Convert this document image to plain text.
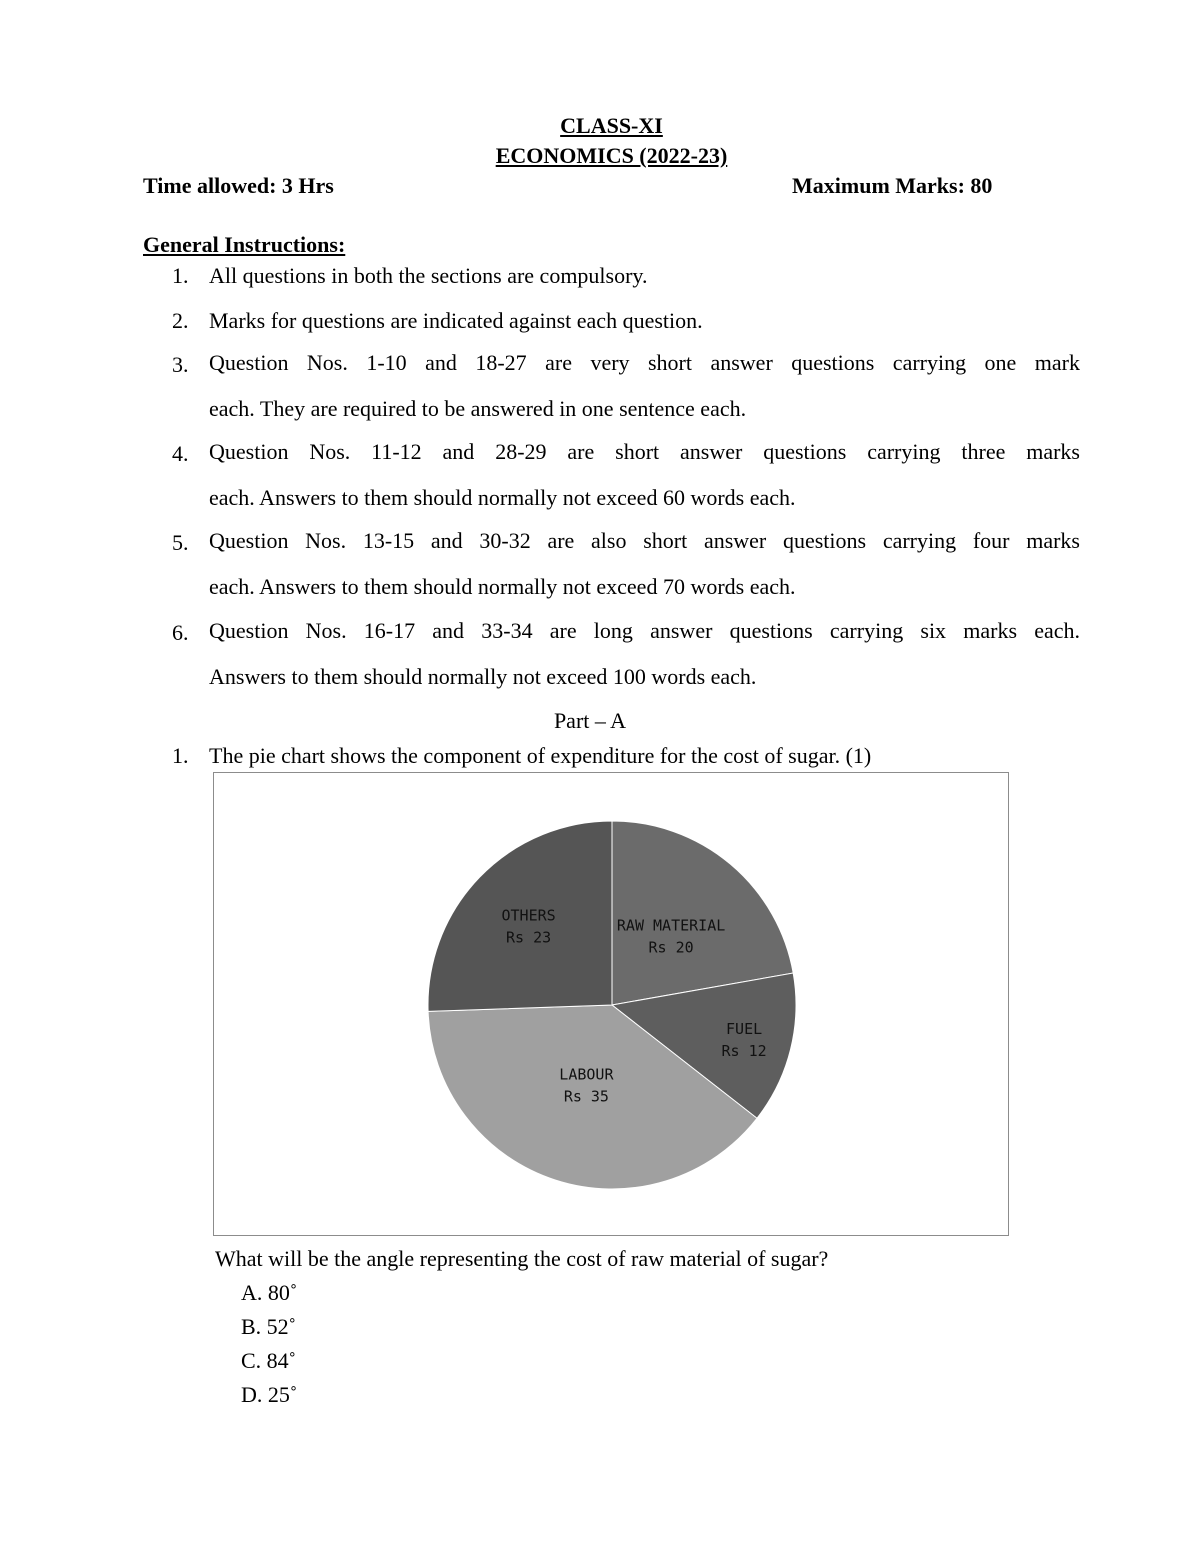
CLASS-XI
ECONOMICS (2022-23)
Time allowed: 3 Hrs	Maximum Marks: 80
General Instructions:
1. All questions in both the sections are compulsory.
2. Marks for questions are indicated against each question.
3. Question Nos. 1-10 and 18-27 are very short answer questions carrying one mark
each. They are required to be answered in one sentence each.
4. Question Nos. 11-12 and 28-29 are short answer questions carrying three marks
each. Answers to them should normally not exceed 60 words each.
5. Question Nos. 13-15 and 30-32 are also short answer questions carrying four marks
each. Answers to them should normally not exceed 70 words each.
6. Question Nos. 16-17 and 33-34 are long answer questions carrying six marks each.
Answers to them should normally not exceed 100 words each.
Part – A
1. The pie chart shows the component of expenditure for the cost of sugar. (1)
RAW MATERIAL
Rs 20
FUEL
Rs 12
LABOUR
Rs 35
OTHERS
Rs 23
What will be the angle representing the cost of raw material of sugar?
A. 80˚
B. 52˚
C. 84˚
D. 25˚
